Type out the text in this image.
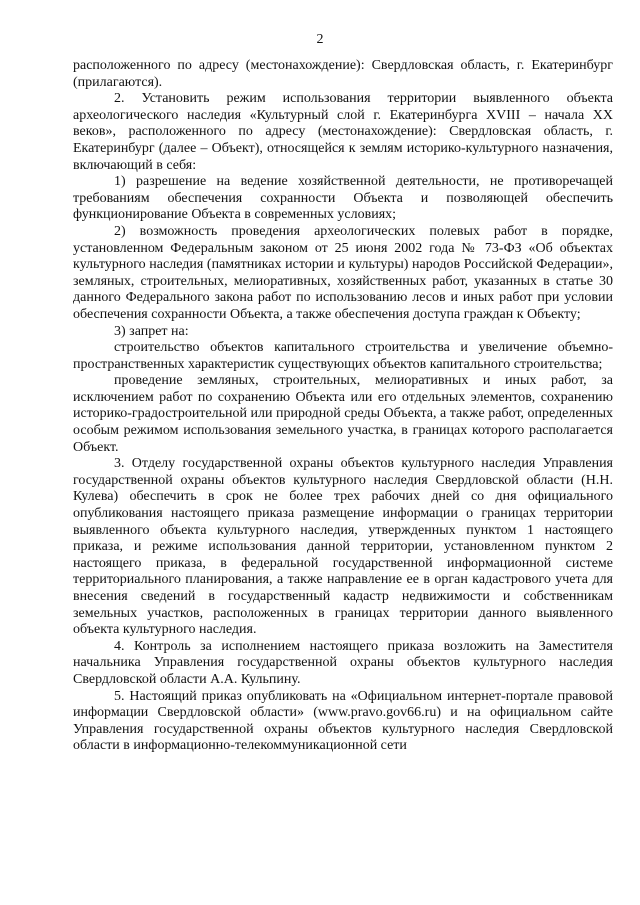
2

расположенного по адресу (местонахождение): Свердловская область, г. Екатеринбург (прилагаются).

2. Установить режим использования территории выявленного объекта археологического наследия «Культурный слой г. Екатеринбурга XVIII – начала XX веков», расположенного по адресу (местонахождение): Свердловская область, г. Екатеринбург (далее – Объект), относящейся к землям историко-культурного назначения, включающий в себя:

1) разрешение на ведение хозяйственной деятельности, не противоречащей требованиям обеспечения сохранности Объекта и позволяющей обеспечить функционирование Объекта в современных условиях;

2) возможность проведения археологических полевых работ в порядке, установленном Федеральным законом от 25 июня 2002 года № 73-ФЗ «Об объектах культурного наследия (памятниках истории и культуры) народов Российской Федерации», земляных, строительных, мелиоративных, хозяйственных работ, указанных в статье 30 данного Федерального закона работ по использованию лесов и иных работ при условии обеспечения сохранности Объекта, а также обеспечения доступа граждан к Объекту;

3) запрет на:

строительство объектов капитального строительства и увеличение объемно-пространственных характеристик существующих объектов капитального строительства;

проведение земляных, строительных, мелиоративных и иных работ, за исключением работ по сохранению Объекта или его отдельных элементов, сохранению историко-градостроительной или природной среды Объекта, а также работ, определенных особым режимом использования земельного участка, в границах которого располагается Объект.

3. Отделу государственной охраны объектов культурного наследия Управления государственной охраны объектов культурного наследия Свердловской области (Н.Н. Кулева) обеспечить в срок не более трех рабочих дней со дня официального опубликования настоящего приказа размещение информации о границах территории выявленного объекта культурного наследия, утвержденных пунктом 1 настоящего приказа, и режиме использования данной территории, установленном пунктом 2 настоящего приказа, в федеральной государственной информационной системе территориального планирования, а также направление ее в орган кадастрового учета для внесения сведений в государственный кадастр недвижимости и собственникам земельных участков, расположенных в границах территории данного выявленного объекта культурного наследия.

4. Контроль за исполнением настоящего приказа возложить на Заместителя начальника Управления государственной охраны объектов культурного наследия Свердловской области А.А. Кульпину.

5. Настоящий приказ опубликовать на «Официальном интернет-портале правовой информации Свердловской области» (www.pravo.gov66.ru) и на официальном сайте Управления государственной охраны объектов культурного наследия Свердловской области в информационно-телекоммуникационной сети
